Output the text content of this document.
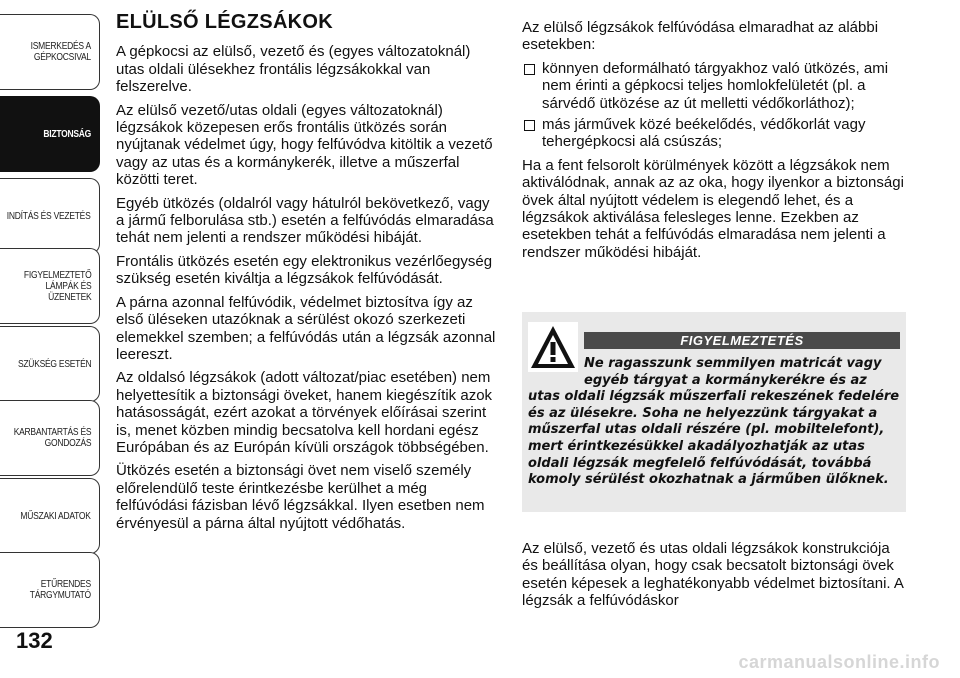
ISMERKEDÉS A
GÉPKOCSIVAL
BIZTONSÁG
INDÍTÁS ÉS VEZETÉS
FIGYELMEZTETŐ
LÁMPÁK ÉS
ÜZENETEK
SZÜKSÉG ESETÉN
KARBANTARTÁS ÉS
GONDOZÁS
MŰSZAKI ADATOK
ETŰRENDES
TÁRGYMUTATÓ
132
ELÜLSŐ LÉGZSÁKOK

A gépkocsi az elülső, vezető és (egyes változatoknál) utas oldali ülésekhez frontális légzsákokkal van felszerelve.

Az elülső vezető/utas oldali (egyes változatoknál) légzsákok közepesen erős frontális ütközés során nyújtanak védelmet úgy, hogy felfúvódva kitöltik a vezető vagy az utas és a kormánykerék, illetve a műszerfal közötti teret.

Egyéb ütközés (oldalról vagy hátulról bekövetkező, vagy a jármű felborulása stb.) esetén a felfúvódás elmaradása tehát nem jelenti a rendszer működési hibáját.

Frontális ütközés esetén egy elektronikus vezérlőegység szükség esetén kiváltja a légzsákok felfúvódását.

A párna azonnal felfúvódik, védelmet biztosítva így az első üléseken utazóknak a sérülést okozó szerkezeti elemekkel szemben; a felfúvódás után a légzsák azonnal leereszt.

Az oldalsó légzsákok (adott változat/piac esetében) nem helyettesítik a biztonsági öveket, hanem kiegészítik azok hatásosságát, ezért azokat a törvények előírásai szerint is, menet közben mindig becsatolva kell hordani egész Európában és az Európán kívüli országok többségében.

Ütközés esetén a biztonsági övet nem viselő személy előrelendülő teste érintkezésbe kerülhet a még felfúvódási fázisban lévő légzsákkal. Ilyen esetben nem érvényesül a párna által nyújtott védőhatás.

Az elülső légzsákok felfúvódása elmaradhat az alábbi esetekben:

könnyen deformálható tárgyakhoz való ütközés, ami nem érinti a gépkocsi teljes homlokfelületét (pl. a sárvédő ütközése az út melletti védőkorláthoz);
más járművek közé beékelődés, védőkorlát vagy tehergépkocsi alá csúszás;

Ha a fent felsorolt körülmények között a légzsákok nem aktiválódnak, annak az az oka, hogy ilyenkor a biztonsági övek által nyújtott védelem is elegendő lehet, és a légzsákok aktiválása felesleges lenne. Ezekben az esetekben tehát a felfúvódás elmaradása nem jelenti a rendszer működési hibáját.

FIGYELMEZTETÉS
Ne ragasszunk semmilyen matricát vagy egyéb tárgyat a kormánykerékre és az utas oldali légzsák műszerfali rekeszének fedelére és az ülésekre. Soha ne helyezzünk tárgyakat a műszerfal utas oldali részére (pl. mobiltelefont), mert érintkezésükkel akadályozhatják az utas oldali légzsák megfelelő felfúvódását, továbbá komoly sérülést okozhatnak a járműben ülőknek.
Az elülső, vezető és utas oldali légzsákok konstrukciója és beállítása olyan, hogy csak becsatolt biztonsági övek esetén képesek a leghatékonyabb védelmet biztosítani. A légzsák a felfúvódáskor
carmanualsonline.info
